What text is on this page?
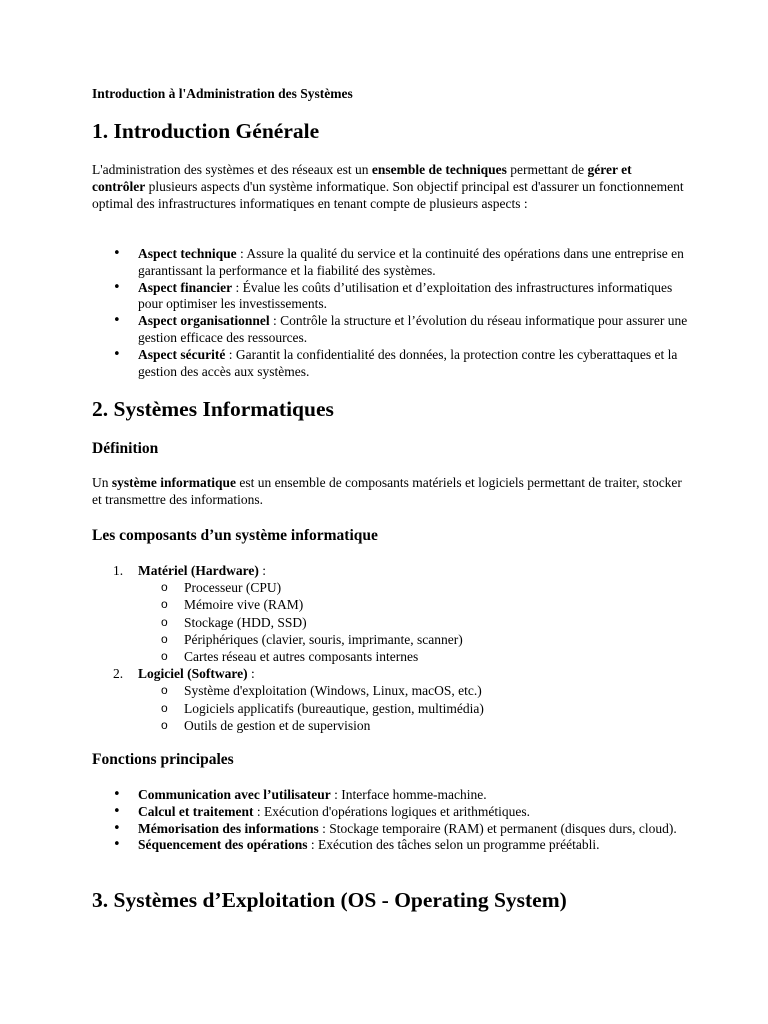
Introduction à l'Administration des Systèmes

1. Introduction Générale

L'administration des systèmes et des réseaux est un ensemble de techniques permettant de gérer et contrôler plusieurs aspects d'un système informatique. Son objectif principal est d'assurer un fonctionnement optimal des infrastructures informatiques en tenant compte de plusieurs aspects :

• Aspect technique : Assure la qualité du service et la continuité des opérations dans une entreprise en garantissant la performance et la fiabilité des systèmes.
• Aspect financier : Évalue les coûts d’utilisation et d’exploitation des infrastructures informatiques pour optimiser les investissements.
• Aspect organisationnel : Contrôle la structure et l’évolution du réseau informatique pour assurer une gestion efficace des ressources.
• Aspect sécurité : Garantit la confidentialité des données, la protection contre les cyberattaques et la gestion des accès aux systèmes.
2. Systèmes Informatiques
Définition

Un système informatique est un ensemble de composants matériels et logiciels permettant de traiter, stocker et transmettre des informations.

Les composants d’un système informatique
1. Matériel (Hardware) :
o Processeur (CPU)
o Mémoire vive (RAM)
o Stockage (HDD, SSD)
o Périphériques (clavier, souris, imprimante, scanner)
o Cartes réseau et autres composants internes
2. Logiciel (Software) :
o Système d'exploitation (Windows, Linux, macOS, etc.)
o Logiciels applicatifs (bureautique, gestion, multimédia)
o Outils de gestion et de supervision
Fonctions principales
• Communication avec l’utilisateur : Interface homme-machine.
• Calcul et traitement : Exécution d'opérations logiques et arithmétiques.
• Mémorisation des informations : Stockage temporaire (RAM) et permanent (disques durs, cloud).
• Séquencement des opérations : Exécution des tâches selon un programme préétabli.
3. Systèmes d’Exploitation (OS - Operating System)
